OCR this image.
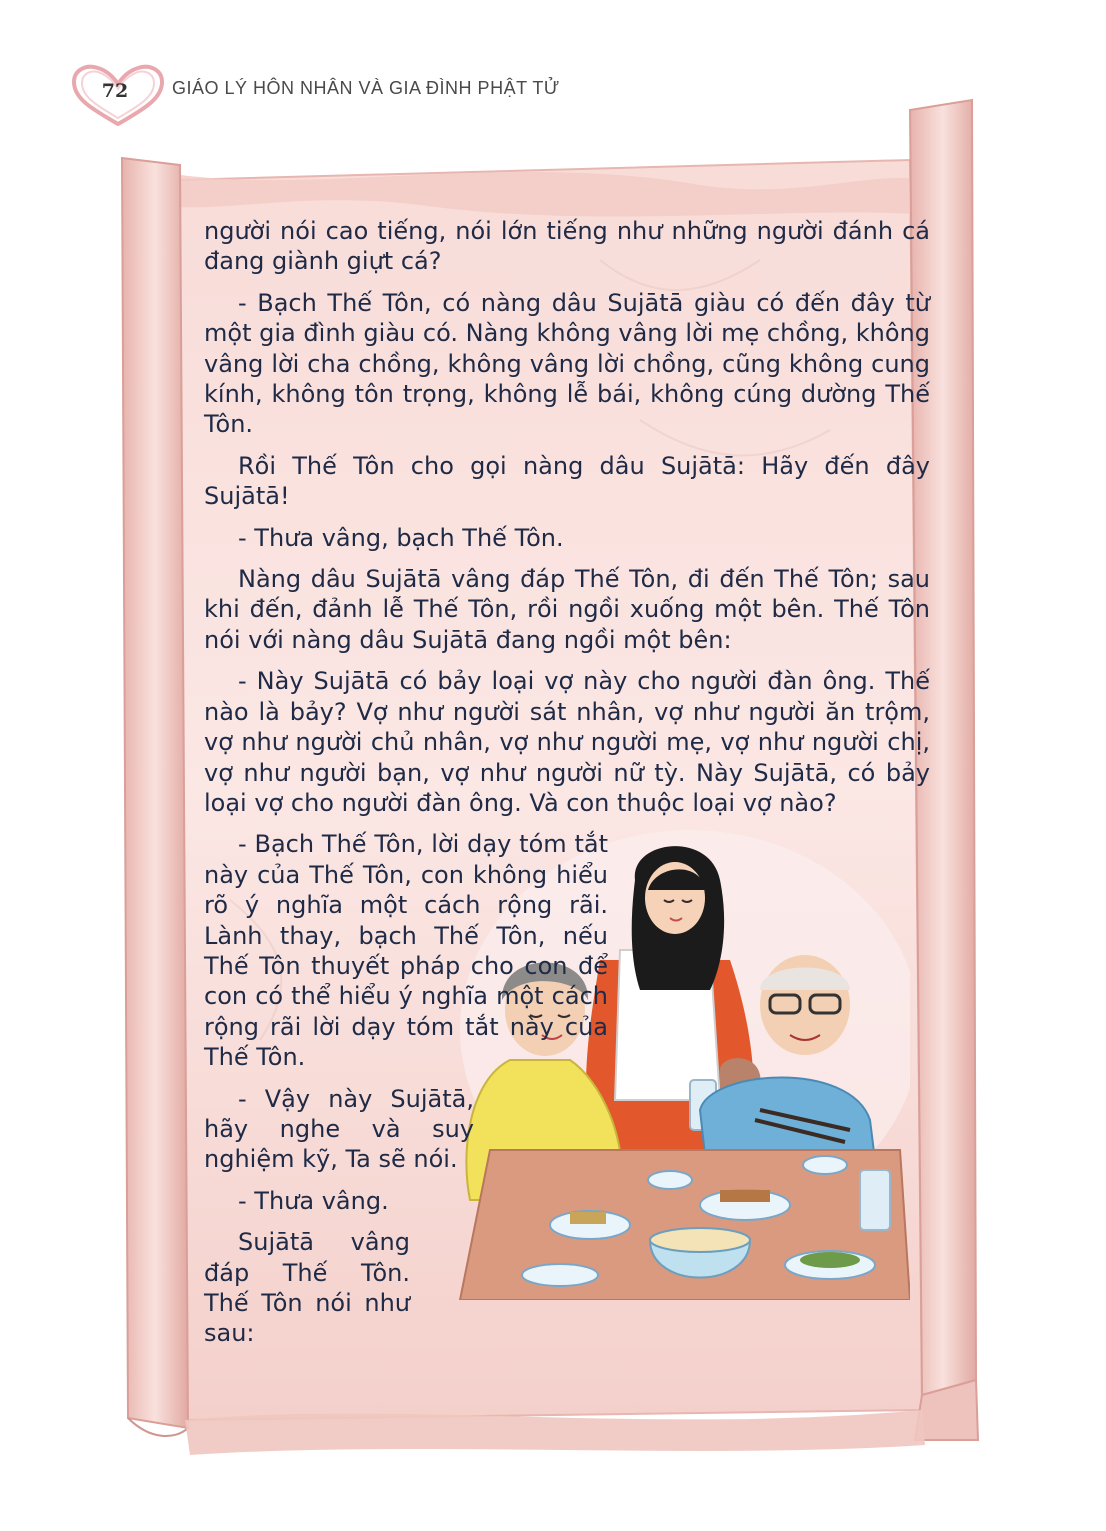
72	GIÁO LÝ HÔN NHÂN VÀ GIA ĐÌNH PHẬT TỬ

người nói cao tiếng, nói lớn tiếng như những người đánh cá đang giành giựt cá?

- Bạch Thế Tôn, có nàng dâu Sujātā giàu có đến đây từ một gia đình giàu có. Nàng không vâng lời mẹ chồng, không vâng lời cha chồng, không vâng lời chồng, cũng không cung kính, không tôn trọng, không lễ bái, không cúng dường Thế Tôn.

Rồi Thế Tôn cho gọi nàng dâu Sujātā: Hãy đến đây Sujātā!

- Thưa vâng, bạch Thế Tôn.

Nàng dâu Sujātā vâng đáp Thế Tôn, đi đến Thế Tôn; sau khi đến, đảnh lễ Thế Tôn, rồi ngồi xuống một bên. Thế Tôn nói với nàng dâu Sujātā đang ngồi một bên:

- Này Sujātā có bảy loại vợ này cho người đàn ông. Thế nào là bảy? Vợ như người sát nhân, vợ như người ăn trộm, vợ như người chủ nhân, vợ như người mẹ, vợ như người chị, vợ như người bạn, vợ như người nữ tỳ. Này Sujātā, có bảy loại vợ cho người đàn ông. Và con thuộc loại vợ nào?

- Bạch Thế Tôn, lời dạy tóm tắt này của Thế Tôn, con không hiểu rõ ý nghĩa một cách rộng rãi. Lành thay, bạch Thế Tôn, nếu Thế Tôn thuyết pháp cho con để con có thể hiểu ý nghĩa một cách rộng rãi lời dạy tóm tắt này của Thế Tôn.

- Vậy này Sujātā, hãy nghe và suy nghiệm kỹ, Ta sẽ nói.

- Thưa vâng.

Sujātā vâng đáp Thế Tôn. Thế Tôn nói như sau:
